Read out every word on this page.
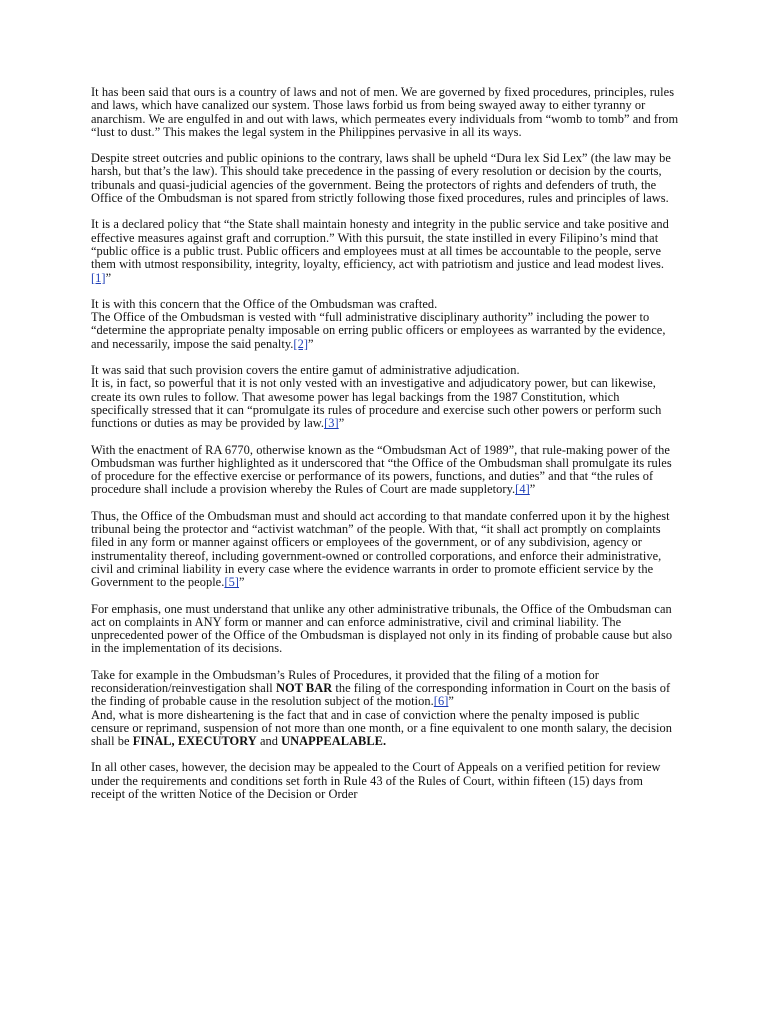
It has been said that ours is a country of laws and not of men. We are governed by fixed procedures, principles, rules and laws, which have canalized our system. Those laws forbid us from being swayed away to either tyranny or anarchism. We are engulfed in and out with laws, which permeates every individuals from “womb to tomb” and from “lust to dust.” This makes the legal system in the Philippines pervasive in all its ways.

Despite street outcries and public opinions to the contrary, laws shall be upheld “Dura lex Sid Lex” (the law may be harsh, but that’s the law). This should take precedence in the passing of every resolution or decision by the courts, tribunals and quasi-judicial agencies of the government. Being the protectors of rights and defenders of truth, the Office of the Ombudsman is not spared from strictly following those fixed procedures, rules and principles of laws.

It is a declared policy that “the State shall maintain honesty and integrity in the public service and take positive and effective measures against graft and corruption.” With this pursuit, the state instilled in every Filipino’s mind that “public office is a public trust. Public officers and employees must at all times be accountable to the people, serve them with utmost responsibility, integrity, loyalty, efficiency, act with patriotism and justice and lead modest lives.[1]”

It is with this concern that the Office of the Ombudsman was crafted.
The Office of the Ombudsman is vested with “full administrative disciplinary authority” including the power to “determine the appropriate penalty imposable on erring public officers or employees as warranted by the evidence, and necessarily, impose the said penalty.[2]”

It was said that such provision covers the entire gamut of administrative adjudication.
It is, in fact, so powerful that it is not only vested with an investigative and adjudicatory power, but can likewise, create its own rules to follow. That awesome power has legal backings from the 1987 Constitution, which specifically stressed that it can “promulgate its rules of procedure and exercise such other powers or perform such functions or duties as may be provided by law.[3]”

With the enactment of RA 6770, otherwise known as the “Ombudsman Act of 1989”, that rule-making power of the Ombudsman was further highlighted as it underscored that “the Office of the Ombudsman shall promulgate its rules of procedure for the effective exercise or performance of its powers, functions, and duties” and that “the rules of procedure shall include a provision whereby the Rules of Court are made suppletory.[4]”

Thus, the Office of the Ombudsman must and should act according to that mandate conferred upon it by the highest tribunal being the protector and “activist watchman” of the people. With that, “it shall act promptly on complaints filed in any form or manner against officers or employees of the government, or of any subdivision, agency or instrumentality thereof, including government-owned or controlled corporations, and enforce their administrative, civil and criminal liability in every case where the evidence warrants in order to promote efficient service by the Government to the people.[5]”

For emphasis, one must understand that unlike any other administrative tribunals, the Office of the Ombudsman can act on complaints in ANY form or manner and can enforce administrative, civil and criminal liability. The unprecedented power of the Office of the Ombudsman is displayed not only in its finding of probable cause but also in the implementation of its decisions.

Take for example in the Ombudsman’s Rules of Procedures, it provided that the filing of a motion for reconsideration/reinvestigation shall NOT BAR the filing of the corresponding information in Court on the basis of the finding of probable cause in the resolution subject of the motion.[6]”

And, what is more disheartening is the fact that and in case of conviction where the penalty imposed is public censure or reprimand, suspension of not more than one month, or a fine equivalent to one month salary, the decision shall be FINAL, EXECUTORY and UNAPPEALABLE.

In all other cases, however, the decision may be appealed to the Court of Appeals on a verified petition for review under the requirements and conditions set forth in Rule 43 of the Rules of Court, within fifteen (15) days from receipt of the written Notice of the Decision or Order
